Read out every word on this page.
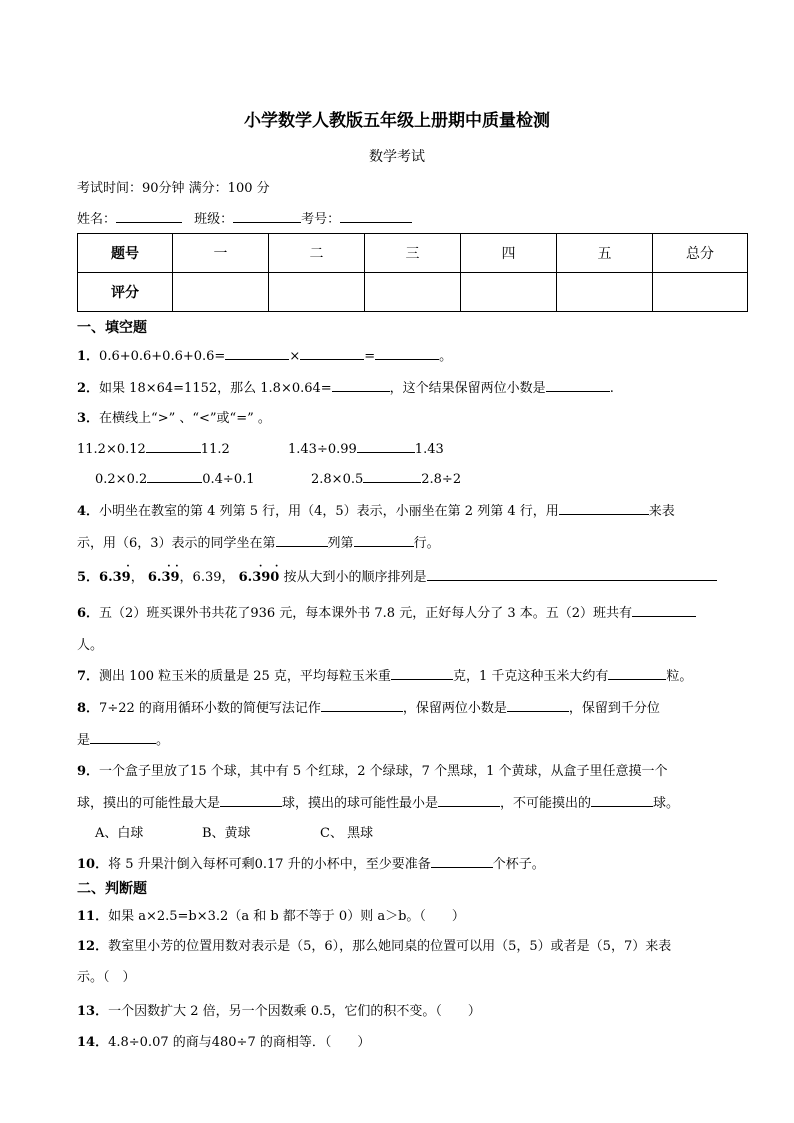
小学数学人教版五年级上册期中质量检测
数学考试
考试时间：90分钟 满分：100 分
姓名：	班级：	考号：
题号	一	二	三	四	五	总分
评分						
一、填空题
1．0.6+0.6+0.6+0.6=	×	=	。
2．如果 18×64=1152，那么 1.8×0.64=	，这个结果保留两位小数是	.
3．在横线上“>” 、“<”或“=” 。
11.2×0.12	11.2	1.43÷0.99	1.43
0.2×0.2	0.4÷0.1	2.8×0.5	2.8÷2
4．小明坐在教室的第 4 列第 5 行，用（4，5）表示，小丽坐在第 2 列第 4 行，用	来表
示，用（6，3）表示的同学坐在第	列第	行。
5．6.39
·
， 6.39
· ·
，6.39， 6.390
· ·
按从大到小的顺序排列是
6．五（2）班买课外书共花了936 元，每本课外书 7.8 元，正好每人分了 3 本。五（2）班共有
人。
7．测出 100 粒玉米的质量是 25 克，平均每粒玉米重	克，1 千克这种玉米大约有	粒。
8．7÷22 的商用循环小数的简便写法记作	，保留两位小数是	，保留到千分位
是	。
9．一个盒子里放了15 个球，其中有 5 个红球，2 个绿球，7 个黑球，1 个黄球，从盒子里任意摸一个
球，摸出的可能性最大是	球，摸出的球可能性最小是	，不可能摸出的	球。
A、白球	B、黄球	C、 黑球
10．将 5 升果汁倒入每杯可剩0.17 升的小杯中，至少要准备	个杯子。
二、判断题
11．如果 a×2.5=b×3.2（a 和 b 都不等于 0）则 a＞b。（　　）
12．教室里小芳的位置用数对表示是（5，6），那么她同桌的位置可以用（5，5）或者是（5，7）来表
示。（　）
13．一个因数扩大 2 倍，另一个因数乘 0.5，它们的积不变。（　　）
14．4.8÷0.07 的商与480÷7 的商相等．（　　）
